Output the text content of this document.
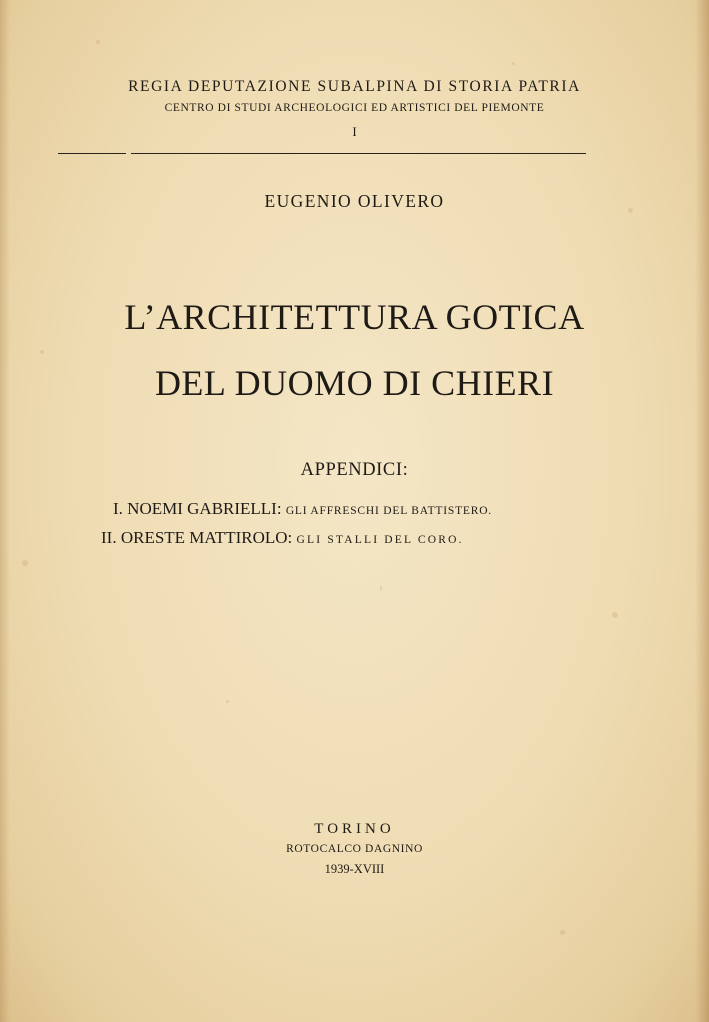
REGIA DEPUTAZIONE SUBALPINA DI STORIA PATRIA
CENTRO DI STUDI ARCHEOLOGICI ED ARTISTICI DEL PIEMONTE
I
EUGENIO OLIVERO
L’ARCHITETTURA GOTICA
DEL DUOMO DI CHIERI
APPENDICI:
I. NOEMI GABRIELLI: GLI AFFRESCHI DEL BATTISTERO.
II. ORESTE MATTIROLO: GLI STALLI DEL CORO.
TORINO
ROTOCALCO DAGNINO
1939-XVIII
